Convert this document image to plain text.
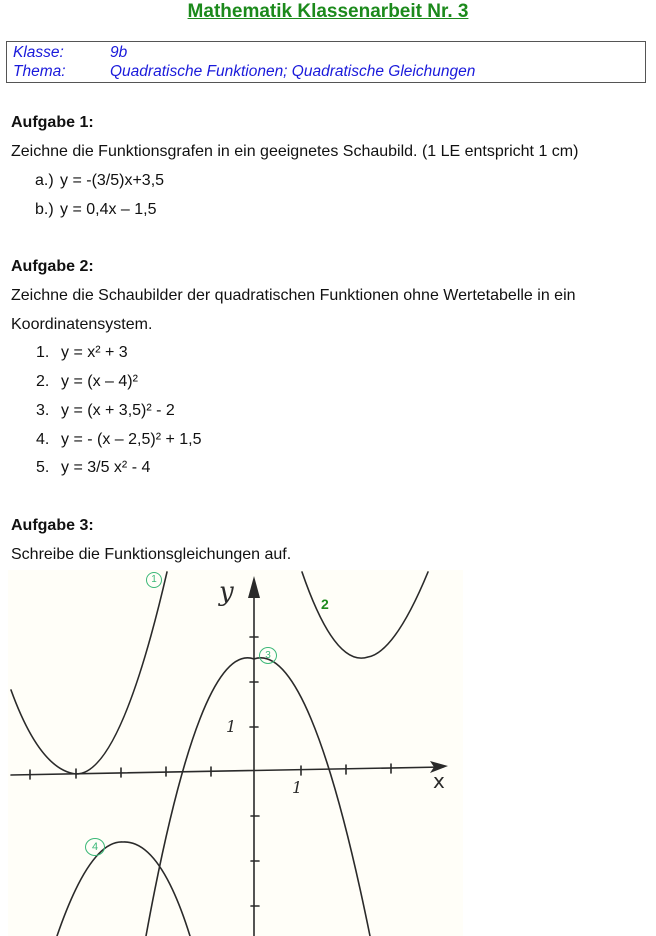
Mathematik Klassenarbeit Nr. 3
Klasse:	9b
Thema:	Quadratische Funktionen; Quadratische Gleichungen
Aufgabe 1:
Zeichne die Funktionsgrafen in ein geeignetes Schaubild. (1 LE entspricht 1 cm)
a.) y = -(3/5)x+3,5
b.) y = 0,4x – 1,5
Aufgabe 2:
Zeichne die Schaubilder der quadratischen Funktionen ohne Wertetabelle in ein
Koordinatensystem.
1. y = x² + 3
2. y = (x – 4)²
3. y = (x + 3,5)² - 2
4. y = - (x – 2,5)² + 1,5
5. y = 3/5 x² - 4
Aufgabe 3:
Schreibe die Funktionsgleichungen auf.
y
x
1
1
1
2
3
4
